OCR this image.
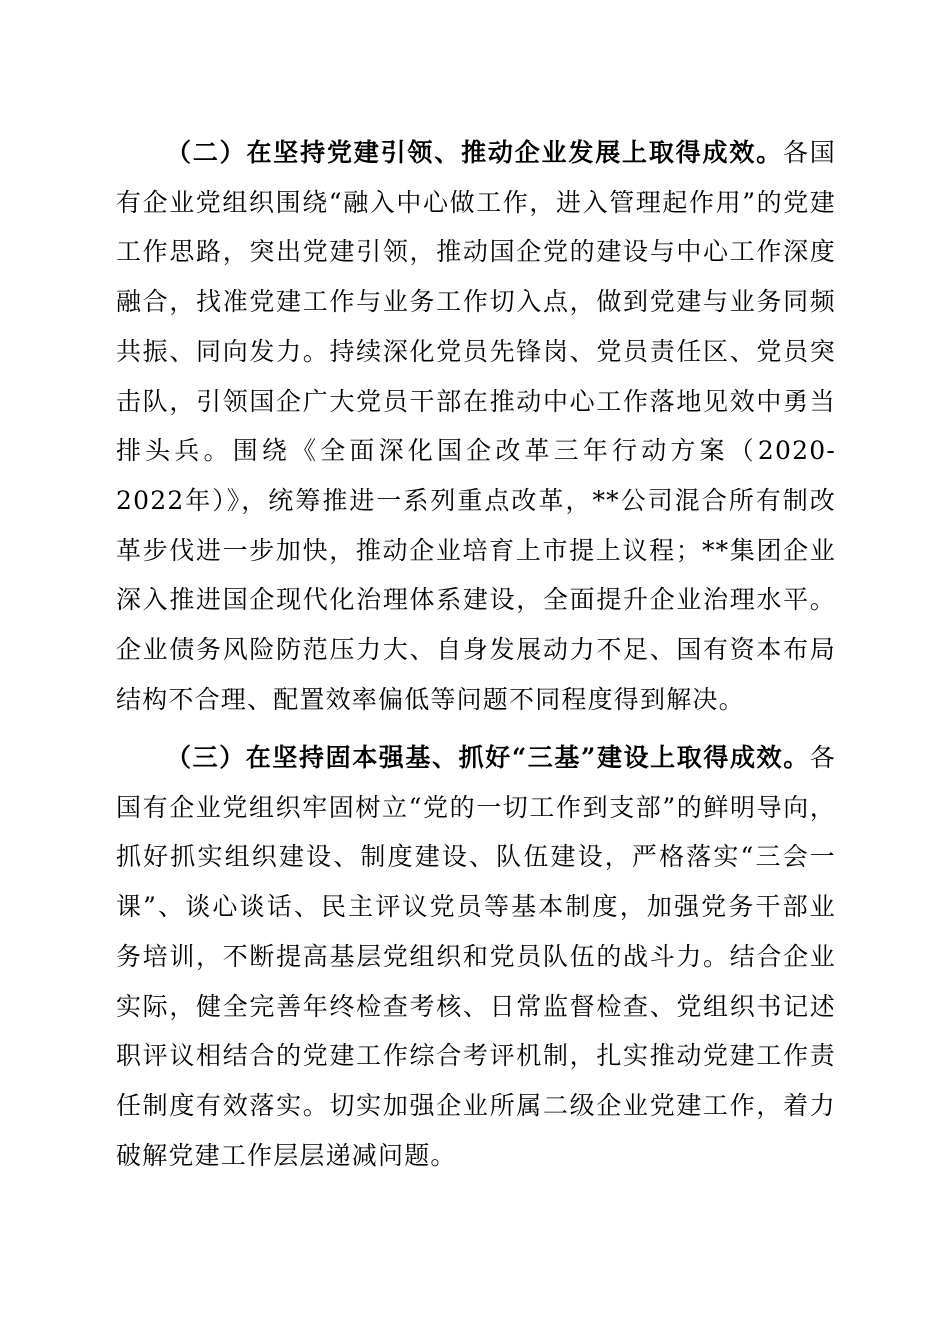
（二）在坚持党建引领、推动企业发展上取得成效。各国有企业党组织围绕“融入中心做工作，进入管理起作用”的党建工作思路，突出党建引领，推动国企党的建设与中心工作深度融合，找准党建工作与业务工作切入点，做到党建与业务同频共振、同向发力。持续深化党员先锋岗、党员责任区、党员突击队，引领国企广大党员干部在推动中心工作落地见效中勇当排头兵。围绕《全面深化国企改革三年行动方案（2020-2022年）》，统筹推进一系列重点改革，**公司混合所有制改革步伐进一步加快，推动企业培育上市提上议程；**集团企业深入推进国企现代化治理体系建设，全面提升企业治理水平。企业债务风险防范压力大、自身发展动力不足、国有资本布局结构不合理、配置效率偏低等问题不同程度得到解决。

（三）在坚持固本强基、抓好“三基”建设上取得成效。各国有企业党组织牢固树立“党的一切工作到支部”的鲜明导向，抓好抓实组织建设、制度建设、队伍建设，严格落实“三会一课”、谈心谈话、民主评议党员等基本制度，加强党务干部业务培训，不断提高基层党组织和党员队伍的战斗力。结合企业实际，健全完善年终检查考核、日常监督检查、党组织书记述职评议相结合的党建工作综合考评机制，扎实推动党建工作责任制度有效落实。切实加强企业所属二级企业党建工作，着力破解党建工作层层递减问题。
